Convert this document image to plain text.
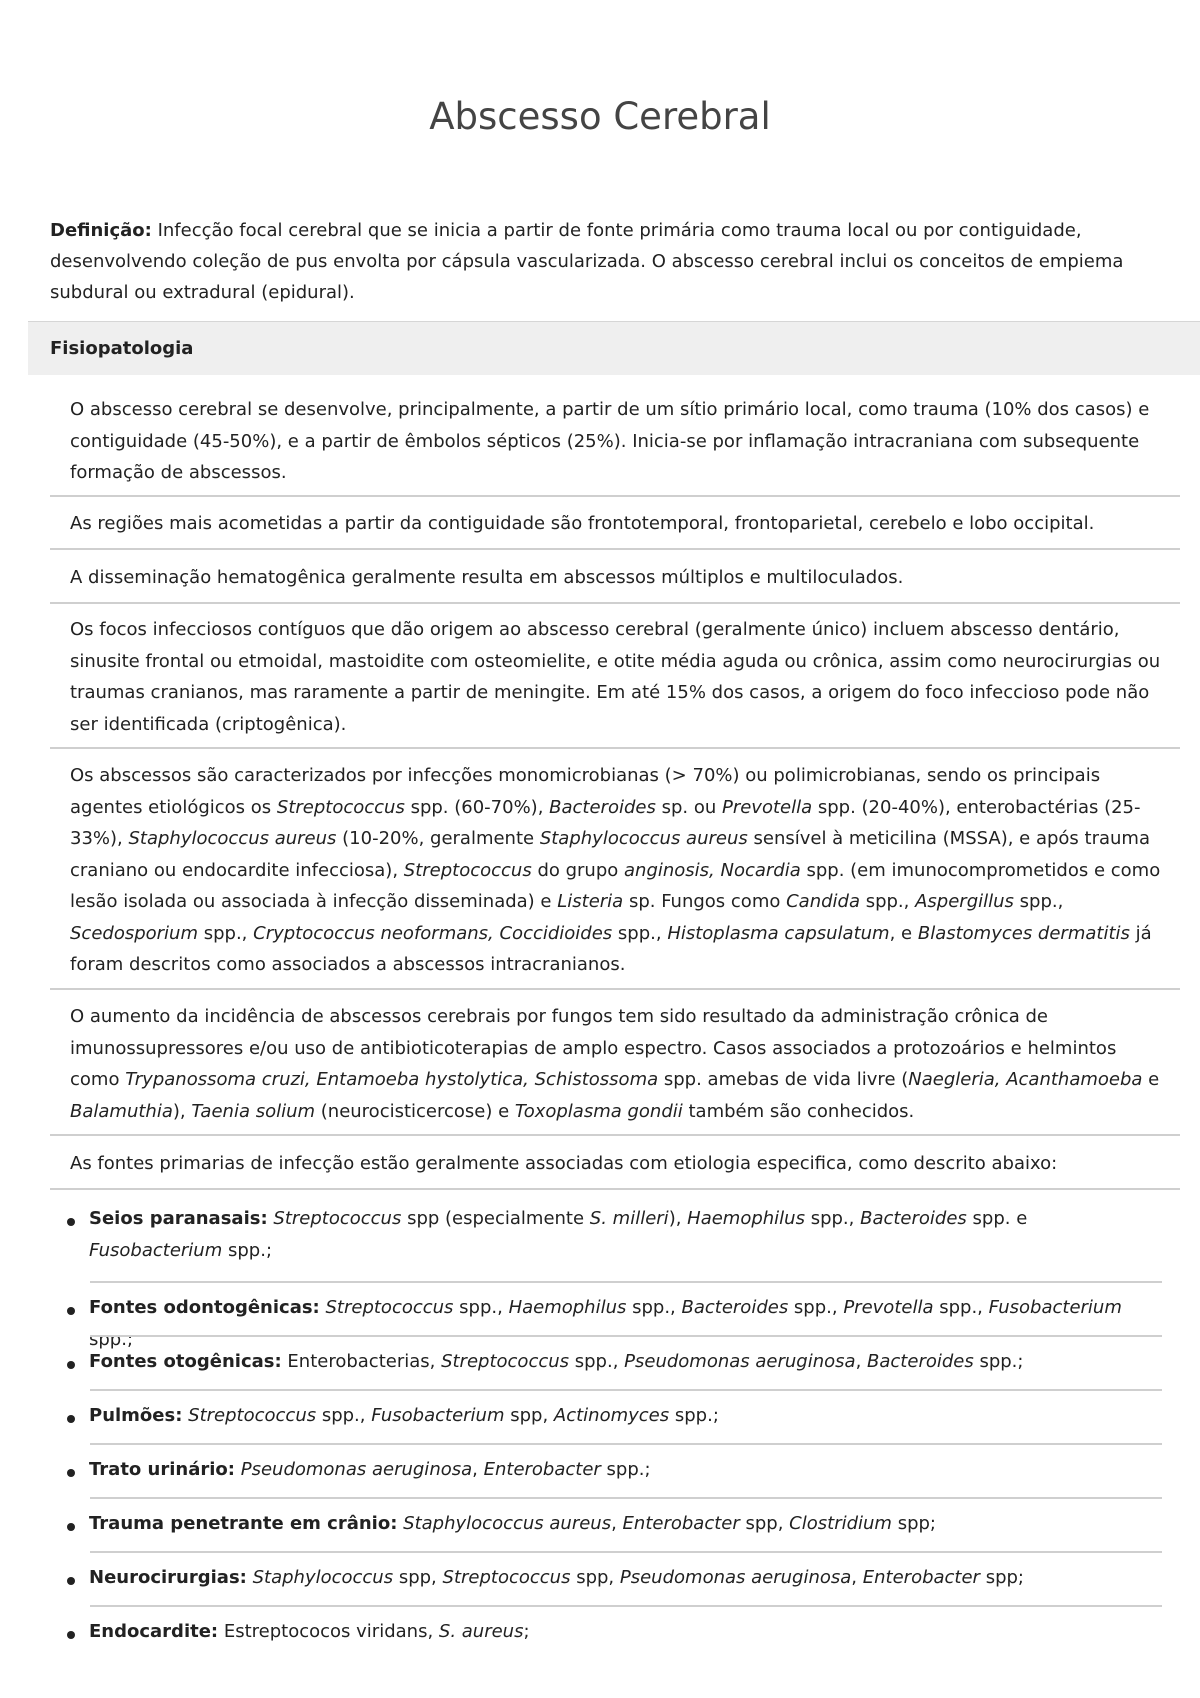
Abscesso Cerebral

Definição: Infecção focal cerebral que se inicia a partir de fonte primária como trauma local ou por contiguidade, desenvolvendo coleção de pus envolta por cápsula vascularizada. O abscesso cerebral inclui os conceitos de empiema subdural ou extradural (epidural).

Fisiopatologia

O abscesso cerebral se desenvolve, principalmente, a partir de um sítio primário local, como trauma (10% dos casos) e contiguidade (45-50%), e a partir de êmbolos sépticos (25%). Inicia-se por inflamação intracraniana com subsequente formação de abscessos.

As regiões mais acometidas a partir da contiguidade são frontotemporal, frontoparietal, cerebelo e lobo occipital.

A disseminação hematogênica geralmente resulta em abscessos múltiplos e multiloculados.

Os focos infecciosos contíguos que dão origem ao abscesso cerebral (geralmente único) incluem abscesso dentário, sinusite frontal ou etmoidal, mastoidite com osteomielite, e otite média aguda ou crônica, assim como neurocirurgias ou traumas cranianos, mas raramente a partir de meningite. Em até 15% dos casos, a origem do foco infeccioso pode não ser identificada (criptogênica).

Os abscessos são caracterizados por infecções monomicrobianas (> 70%) ou polimicrobianas, sendo os principais agentes etiológicos os Streptococcus spp. (60-70%), Bacteroides sp. ou Prevotella spp. (20-40%), enterobactérias (25-33%), Staphylococcus aureus (10-20%, geralmente Staphylococcus aureus sensível à meticilina (MSSA), e após trauma craniano ou endocardite infecciosa), Streptococcus do grupo anginosis, Nocardia spp. (em imunocomprometidos e como lesão isolada ou associada à infecção disseminada) e Listeria sp. Fungos como Candida spp., Aspergillus spp., Scedosporium spp., Cryptococcus neoformans, Coccidioides spp., Histoplasma capsulatum, e Blastomyces dermatitis já foram descritos como associados a abscessos intracranianos.

O aumento da incidência de abscessos cerebrais por fungos tem sido resultado da administração crônica de imunossupressores e/ou uso de antibioticoterapias de amplo espectro. Casos associados a protozoários e helmintos como Trypanossoma cruzi, Entamoeba hystolytica, Schistossoma spp. amebas de vida livre (Naegleria, Acanthamoeba e Balamuthia), Taenia solium (neurocisticercose) e Toxoplasma gondii também são conhecidos.

As fontes primarias de infecção estão geralmente associadas com etiologia especifica, como descrito abaixo:

Seios paranasais: Streptococcus spp (especialmente S. milleri), Haemophilus spp., Bacteroides spp. e Fusobacterium spp.;

Fontes odontogênicas: Streptococcus spp., Haemophilus spp., Bacteroides spp., Prevotella spp., Fusobacterium spp.;

Fontes otogênicas: Enterobacterias, Streptococcus spp., Pseudomonas aeruginosa, Bacteroides spp.;

Pulmões: Streptococcus spp., Fusobacterium spp, Actinomyces spp.;

Trato urinário: Pseudomonas aeruginosa, Enterobacter spp.;

Trauma penetrante em crânio: Staphylococcus aureus, Enterobacter spp, Clostridium spp;

Neurocirurgias: Staphylococcus spp, Streptococcus spp, Pseudomonas aeruginosa, Enterobacter spp;

Endocardite: Estreptococos viridans, S. aureus;
